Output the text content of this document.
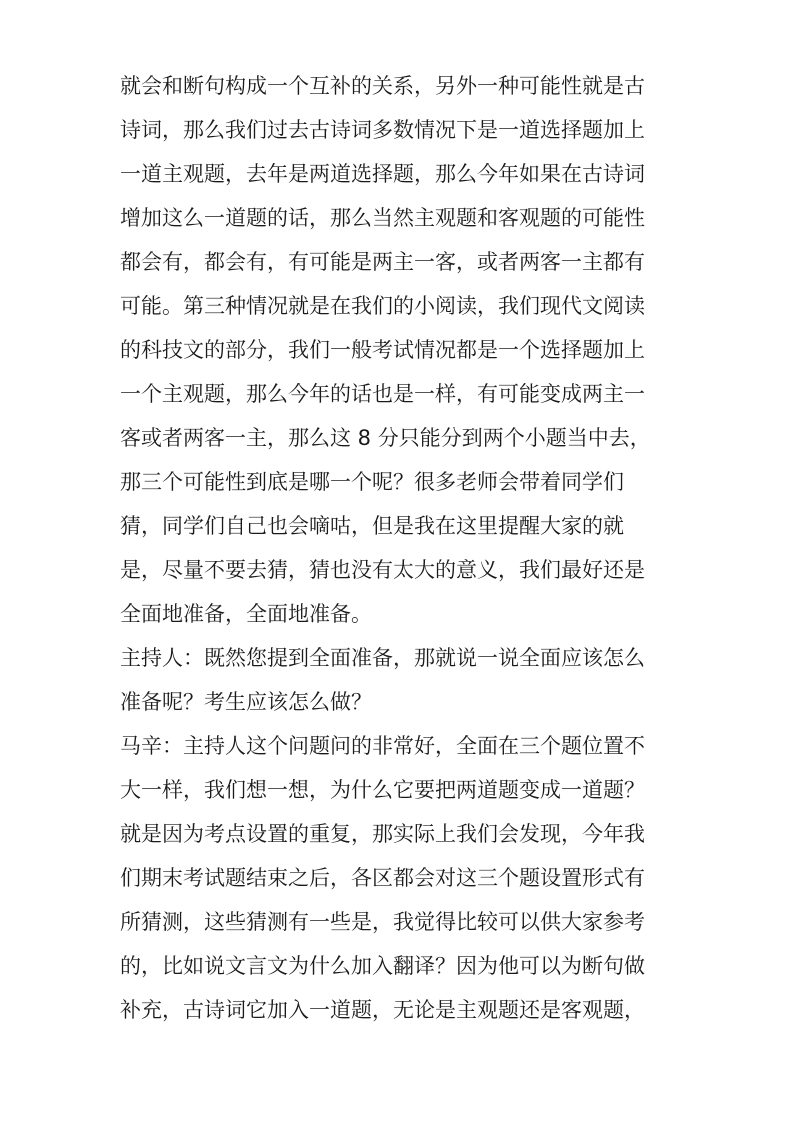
就会和断句构成一个互补的关系，另外一种可能性就是古
诗词，那么我们过去古诗词多数情况下是一道选择题加上
一道主观题，去年是两道选择题，那么今年如果在古诗词
增加这么一道题的话，那么当然主观题和客观题的可能性
都会有，都会有，有可能是两主一客，或者两客一主都有
可能。第三种情况就是在我们的小阅读，我们现代文阅读
的科技文的部分，我们一般考试情况都是一个选择题加上
一个主观题，那么今年的话也是一样，有可能变成两主一
客或者两客一主，那么这 8 分只能分到两个小题当中去，
那三个可能性到底是哪一个呢？很多老师会带着同学们
猜，同学们自己也会嘀咕，但是我在这里提醒大家的就
是，尽量不要去猜，猜也没有太大的意义，我们最好还是
全面地准备，全面地准备。
主持人：既然您提到全面准备，那就说一说全面应该怎么
准备呢？考生应该怎么做？
马辛：主持人这个问题问的非常好，全面在三个题位置不
大一样，我们想一想，为什么它要把两道题变成一道题？
就是因为考点设置的重复，那实际上我们会发现，今年我
们期末考试题结束之后，各区都会对这三个题设置形式有
所猜测，这些猜测有一些是，我觉得比较可以供大家参考
的，比如说文言文为什么加入翻译？因为他可以为断句做
补充，古诗词它加入一道题，无论是主观题还是客观题，
